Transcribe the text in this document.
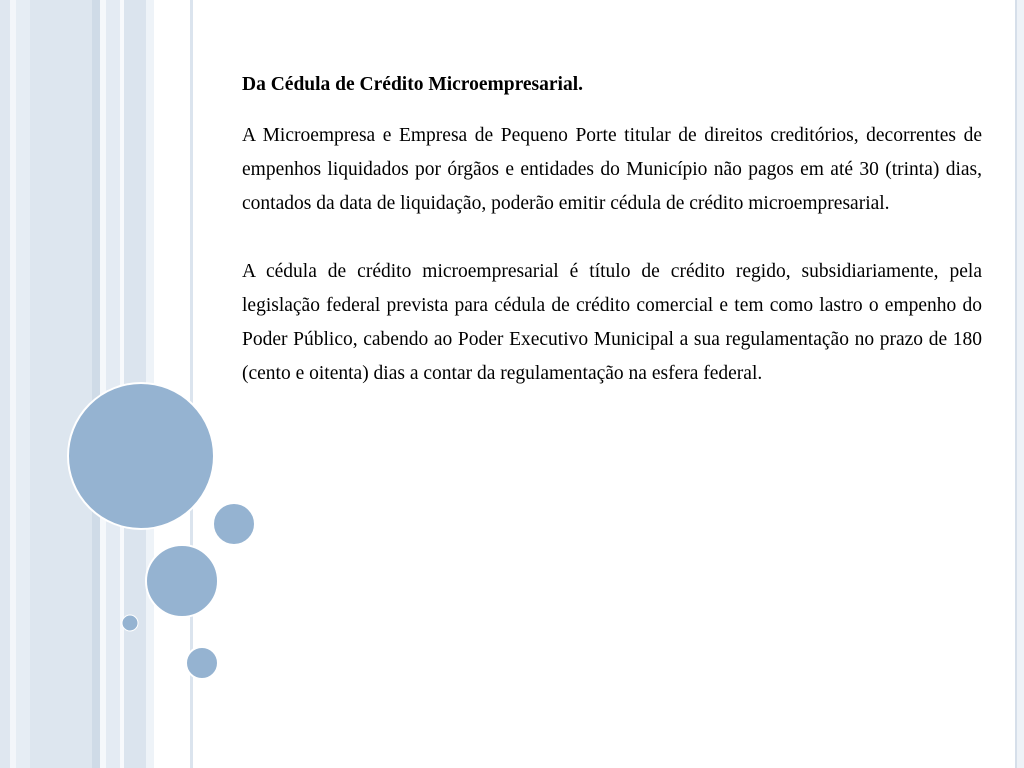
Da Cédula de Crédito Microempresarial.

A Microempresa e Empresa de Pequeno Porte titular de direitos creditórios, decorrentes de empenhos liquidados por órgãos e entidades do Município não pagos em até 30 (trinta) dias, contados da data de liquidação, poderão emitir cédula de crédito microempresarial.

A cédula de crédito microempresarial é título de crédito regido, subsidiariamente, pela legislação federal prevista para cédula de crédito comercial e tem como lastro o empenho do Poder Público, cabendo ao Poder Executivo Municipal a sua regulamentação no prazo de 180 (cento e oitenta) dias a contar da regulamentação na esfera federal.
